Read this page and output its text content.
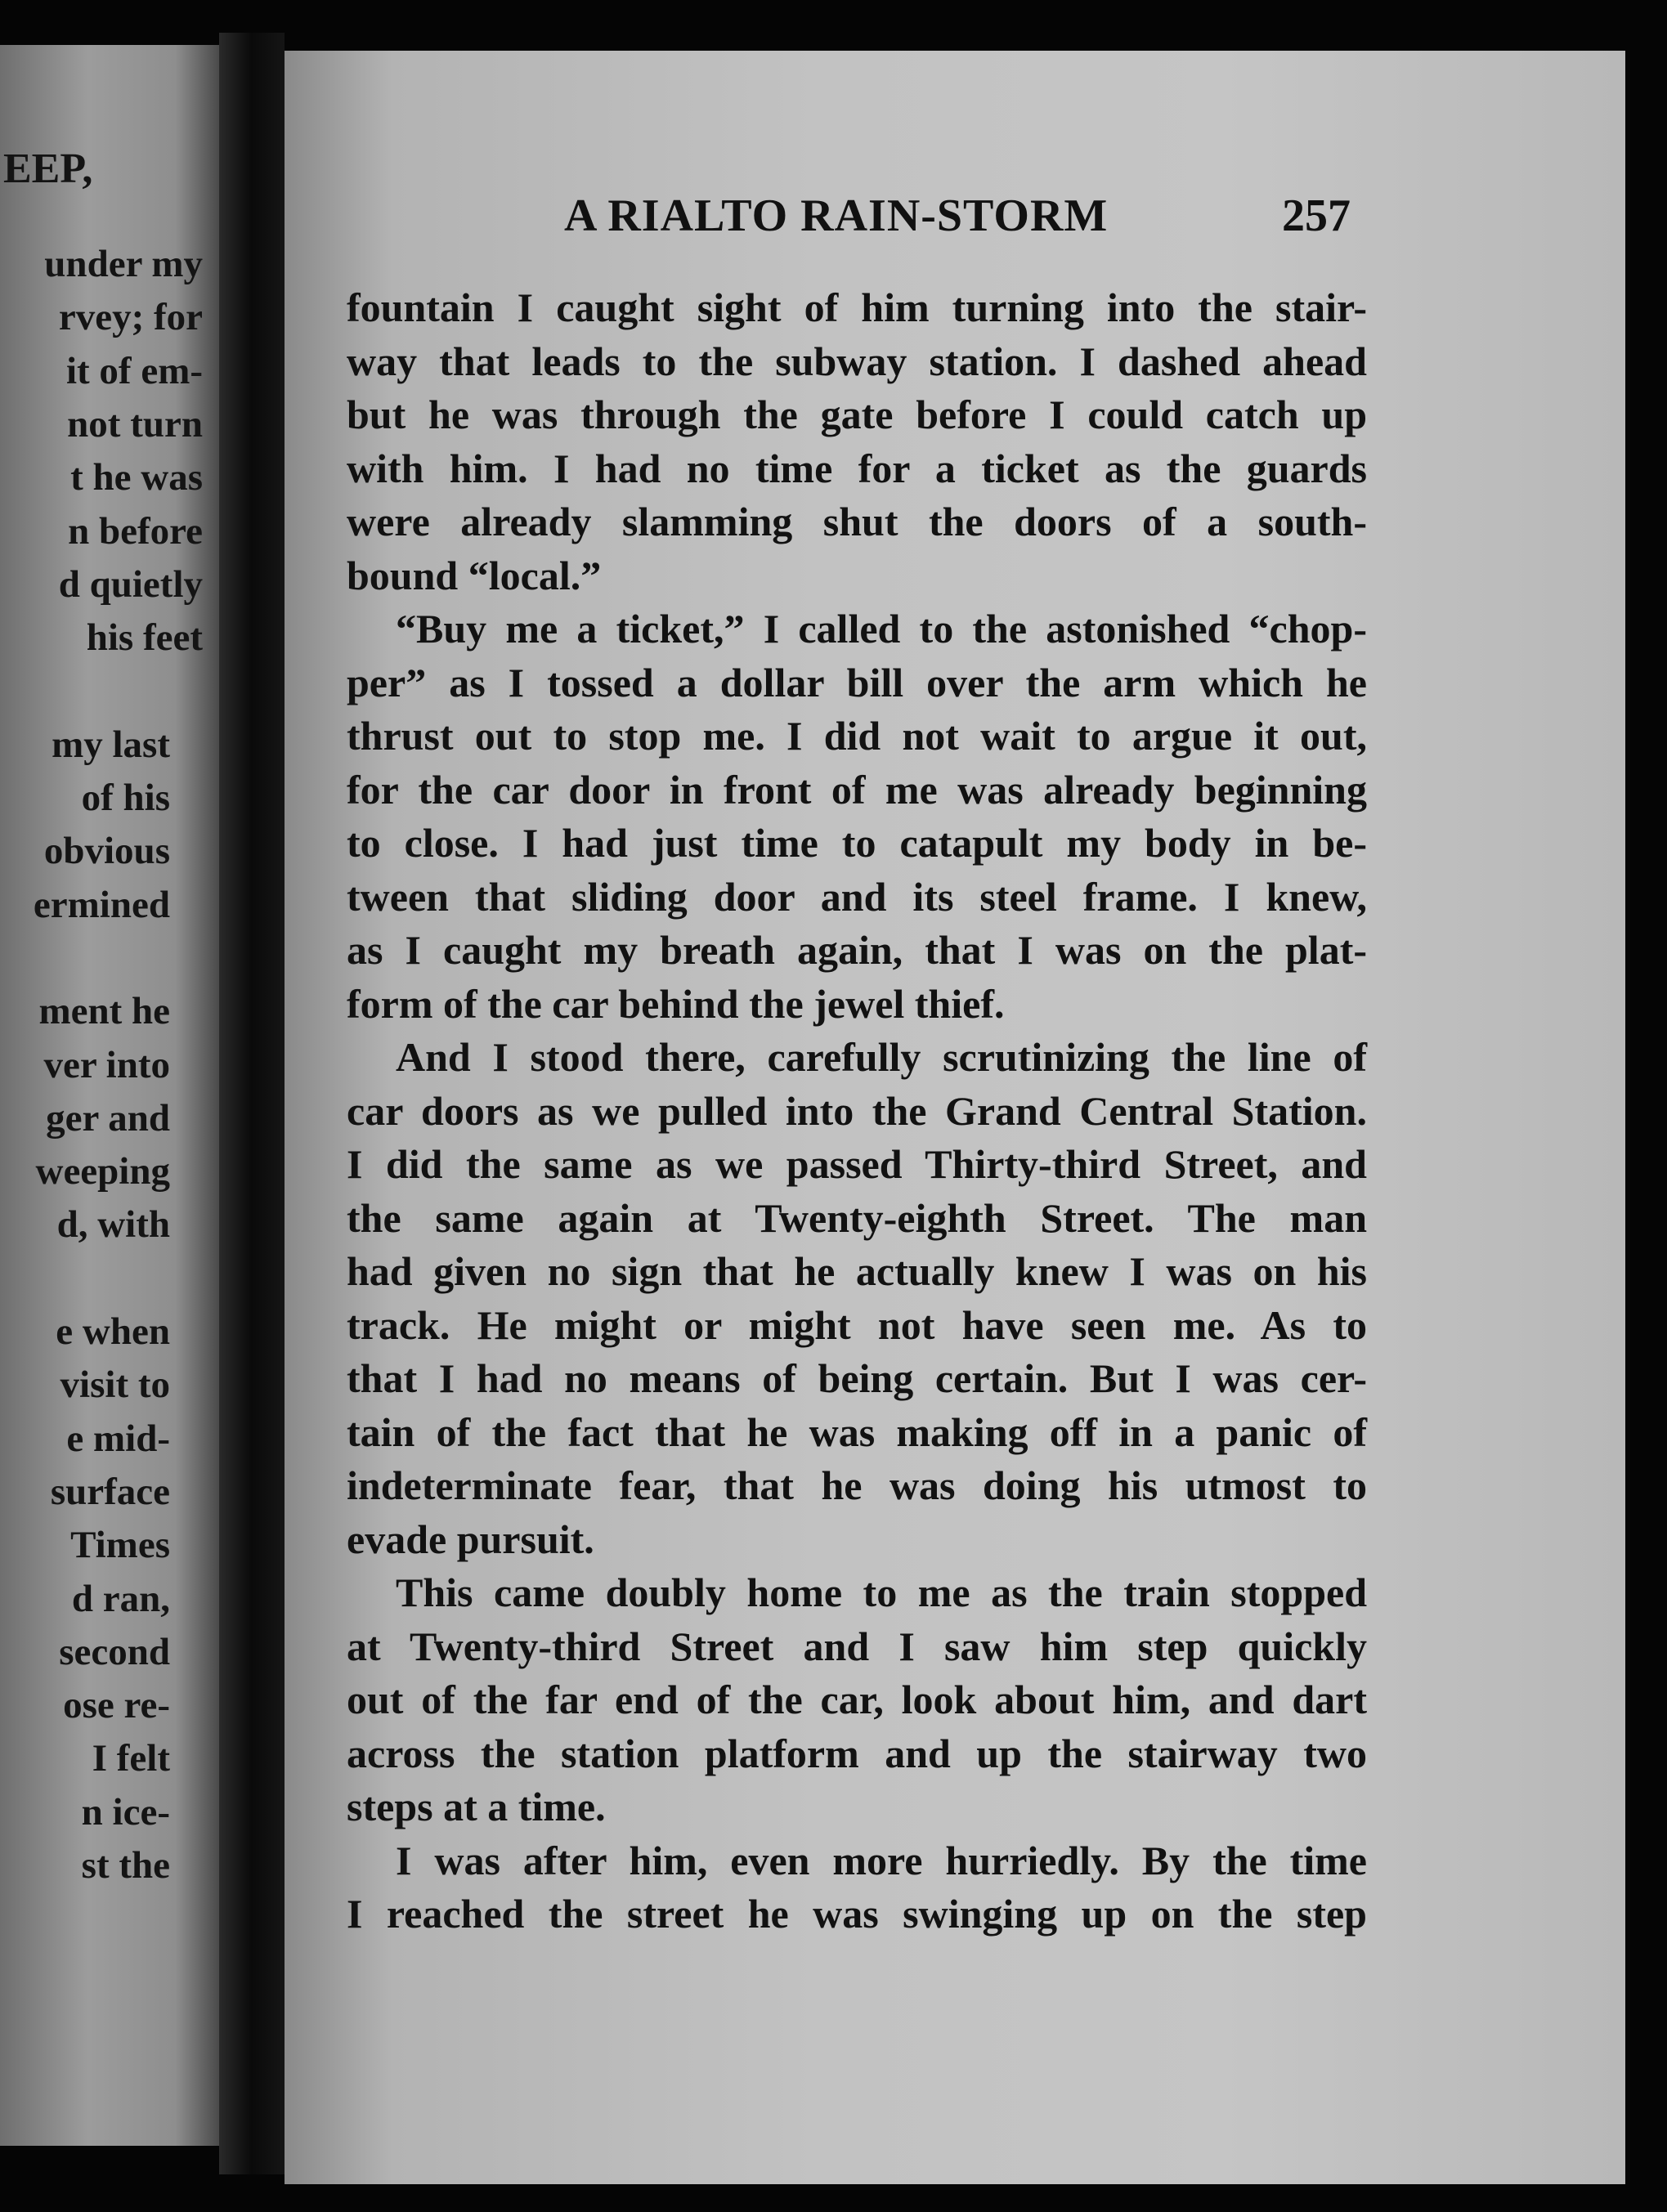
EEP,
under my
rvey; for
it of em-
not turn
t he was
n before
d quietly
his feet
my last
of his
obvious
ermined
ment he
ver into
ger and
weeping
d, with
e when
visit to
e mid-
surface
Times
d ran,
second
ose re-
I felt
n ice-
st the
A RIALTO RAIN-STORM	257
fountain I caught sight of him turning into the stair-
way that leads to the subway station. I dashed ahead
but he was through the gate before I could catch up
with him. I had no time for a ticket as the guards
were already slamming shut the doors of a south-
bound “local.”
“Buy me a ticket,” I called to the astonished “chop-
per” as I tossed a dollar bill over the arm which he
thrust out to stop me. I did not wait to argue it out,
for the car door in front of me was already beginning
to close. I had just time to catapult my body in be-
tween that sliding door and its steel frame. I knew,
as I caught my breath again, that I was on the plat-
form of the car behind the jewel thief.
And I stood there, carefully scrutinizing the line of
car doors as we pulled into the Grand Central Station.
I did the same as we passed Thirty-third Street, and
the same again at Twenty-eighth Street. The man
had given no sign that he actually knew I was on his
track. He might or might not have seen me. As to
that I had no means of being certain. But I was cer-
tain of the fact that he was making off in a panic of
indeterminate fear, that he was doing his utmost to
evade pursuit.
This came doubly home to me as the train stopped
at Twenty-third Street and I saw him step quickly
out of the far end of the car, look about him, and dart
across the station platform and up the stairway two
steps at a time.
I was after him, even more hurriedly. By the time
I reached the street he was swinging up on the step
